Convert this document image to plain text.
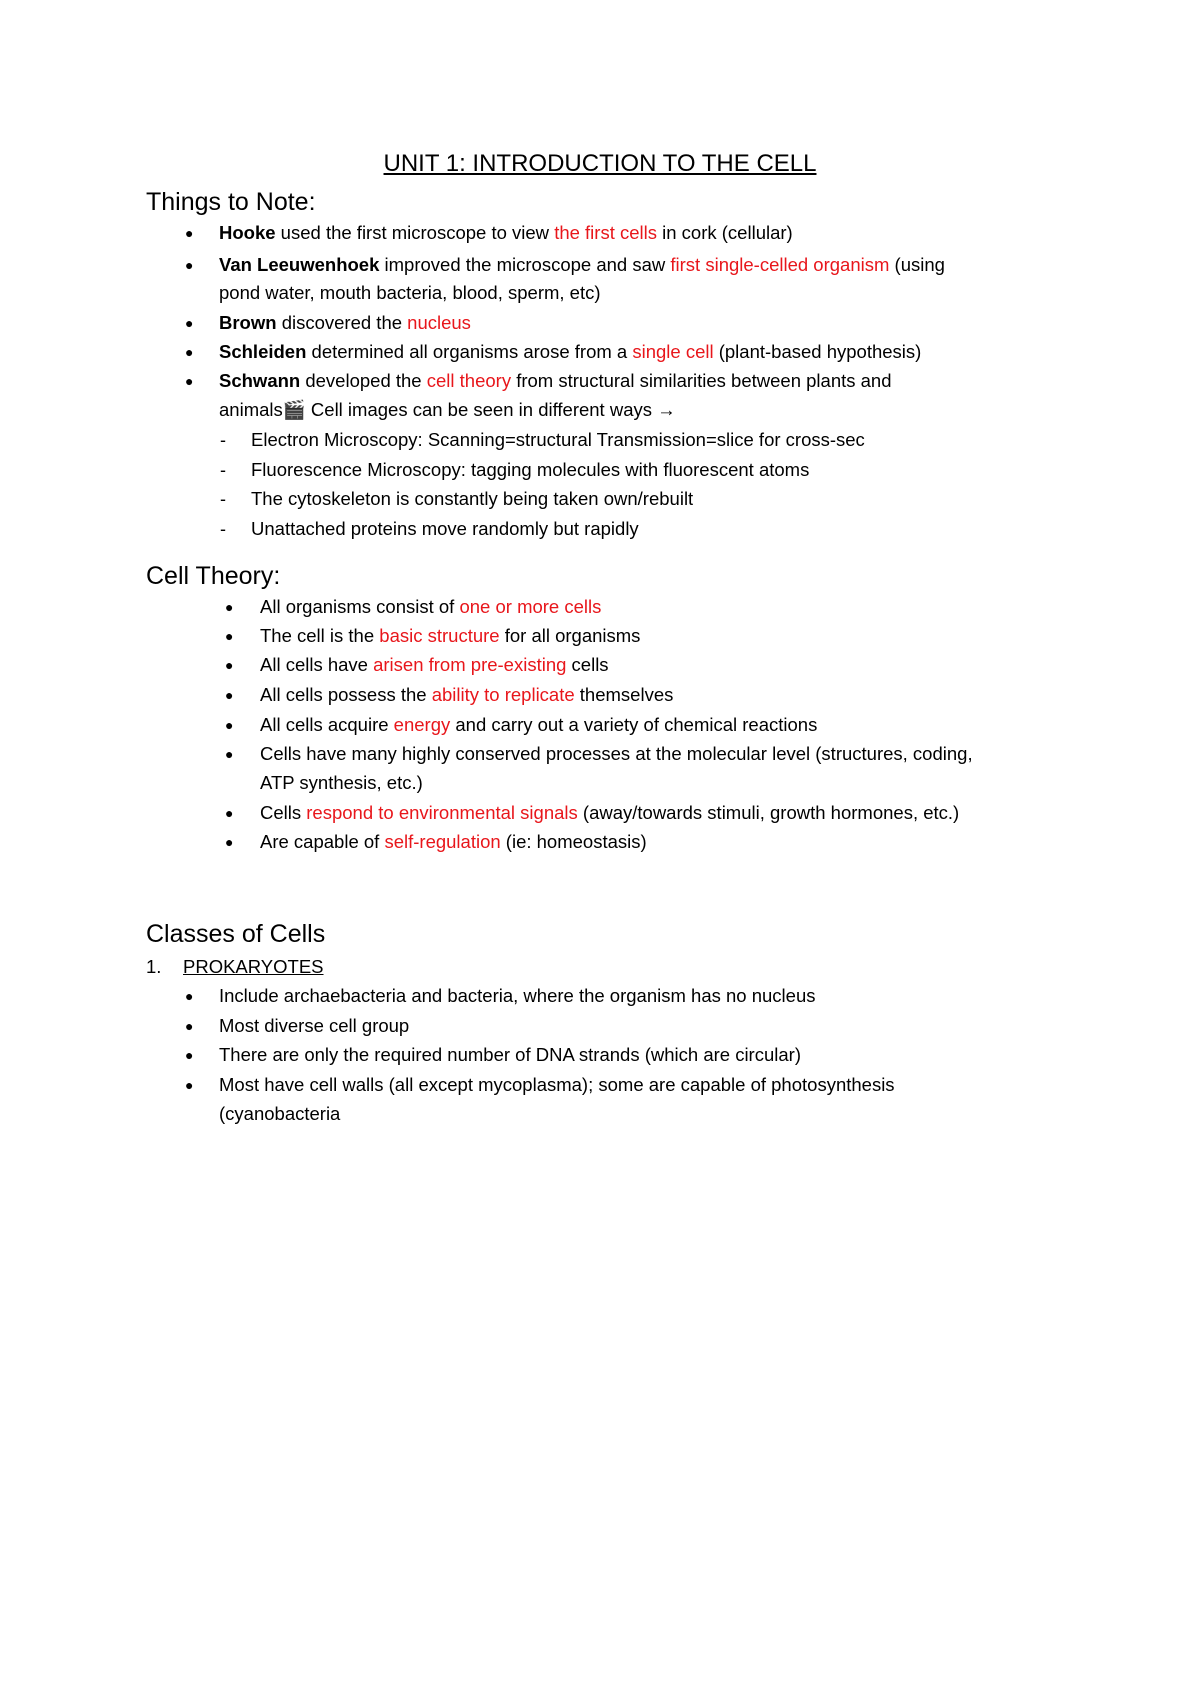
UNIT 1: INTRODUCTION TO THE CELL
Things to Note:
● Hooke used the first microscope to view the first cells in cork (cellular)
● Van Leeuwenhoek improved the microscope and saw first single-celled organism (using
pond water, mouth bacteria, blood, sperm, etc)
● Brown discovered the nucleus
● Schleiden determined all organisms arose from a single cell (plant-based hypothesis)
● Schwann developed the cell theory from structural similarities between plants and
animals🎬 Cell images can be seen in different ways →
- Electron Microscopy: Scanning=structural Transmission=slice for cross-sec
- Fluorescence Microscopy: tagging molecules with fluorescent atoms
- The cytoskeleton is constantly being taken own/rebuilt
- Unattached proteins move randomly but rapidly
Cell Theory:
● All organisms consist of one or more cells
● The cell is the basic structure for all organisms
● All cells have arisen from pre-existing cells
● All cells possess the ability to replicate themselves
● All cells acquire energy and carry out a variety of chemical reactions
● Cells have many highly conserved processes at the molecular level (structures, coding,
ATP synthesis, etc.)
● Cells respond to environmental signals (away/towards stimuli, growth hormones, etc.)
● Are capable of self-regulation (ie: homeostasis)
Classes of Cells
1. PROKARYOTES
● Include archaebacteria and bacteria, where the organism has no nucleus
● Most diverse cell group
● There are only the required number of DNA strands (which are circular)
● Most have cell walls (all except mycoplasma); some are capable of photosynthesis
(cyanobacteria
